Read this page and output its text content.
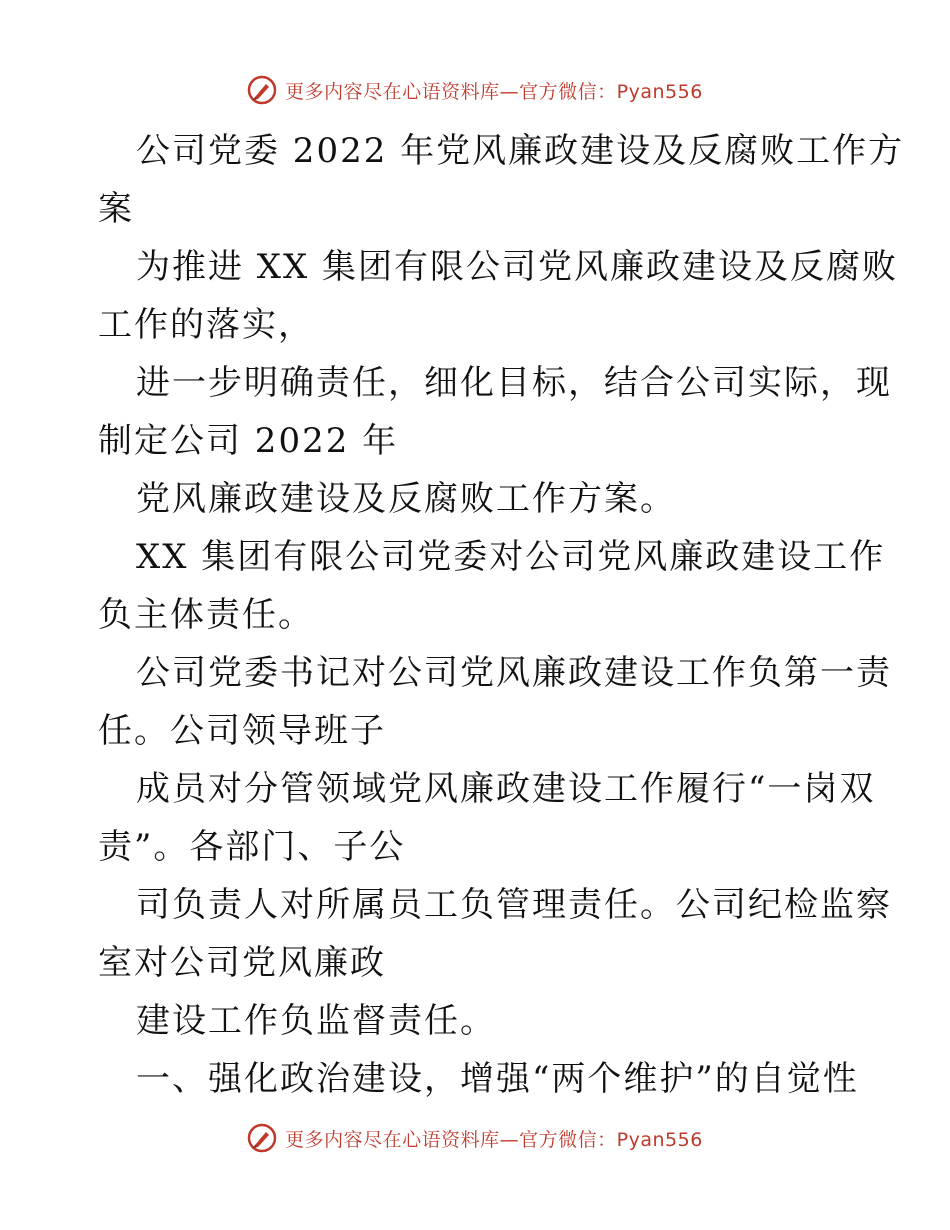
更多内容尽在心语资料库—官方微信：Pyan556
公司党委 2022 年党风廉政建设及反腐败工作方
案
为推进 XX 集团有限公司党风廉政建设及反腐败
工作的落实，
进一步明确责任，细化目标，结合公司实际，现
制定公司 2022 年
党风廉政建设及反腐败工作方案。
XX 集团有限公司党委对公司党风廉政建设工作
负主体责任。
公司党委书记对公司党风廉政建设工作负第一责
任。公司领导班子
成员对分管领域党风廉政建设工作履行“一岗双
责”。各部门、子公
司负责人对所属员工负管理责任。公司纪检监察
室对公司党风廉政
建设工作负监督责任。
一、强化政治建设，增强“两个维护”的自觉性
更多内容尽在心语资料库—官方微信：Pyan556
